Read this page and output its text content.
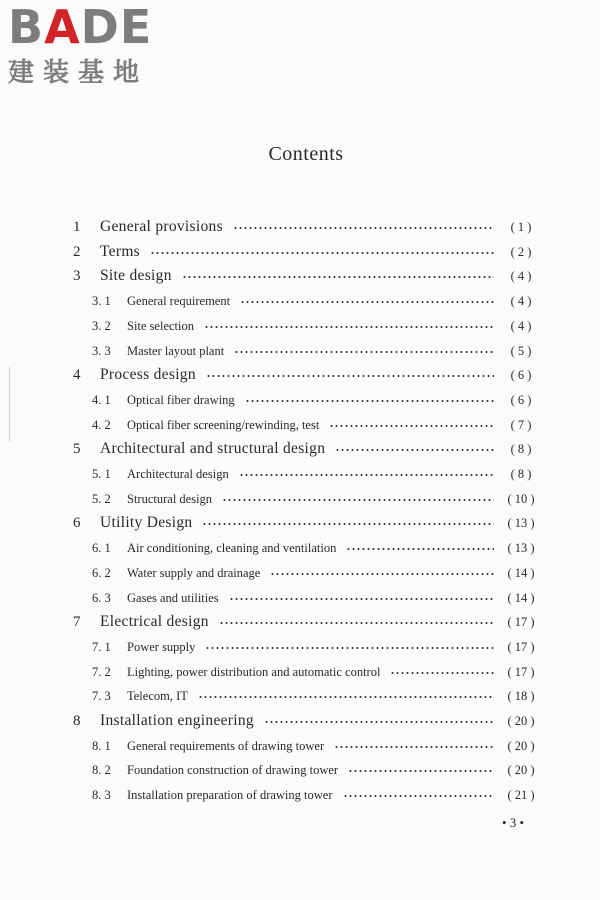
BADE
建装基地
Contents
1 General provisions	( 1 )
2 Terms	( 2 )
3 Site design	( 4 )
3. 1 General requirement	( 4 )
3. 2 Site selection	( 4 )
3. 3 Master layout plant	( 5 )
4 Process design	( 6 )
4. 1 Optical fiber drawing	( 6 )
4. 2 Optical fiber screening/rewinding, test	( 7 )
5 Architectural and structural design	( 8 )
5. 1 Architectural design	( 8 )
5. 2 Structural design	( 10 )
6 Utility Design	( 13 )
6. 1 Air conditioning, cleaning and ventilation	( 13 )
6. 2 Water supply and drainage	( 14 )
6. 3 Gases and utilities	( 14 )
7 Electrical design	( 17 )
7. 1 Power supply	( 17 )
7. 2 Lighting, power distribution and automatic control	( 17 )
7. 3 Telecom, IT	( 18 )
8 Installation engineering	( 20 )
8. 1 General requirements of drawing tower	( 20 )
8. 2 Foundation construction of drawing tower	( 20 )
8. 3 Installation preparation of drawing tower	( 21 )
• 3 •
